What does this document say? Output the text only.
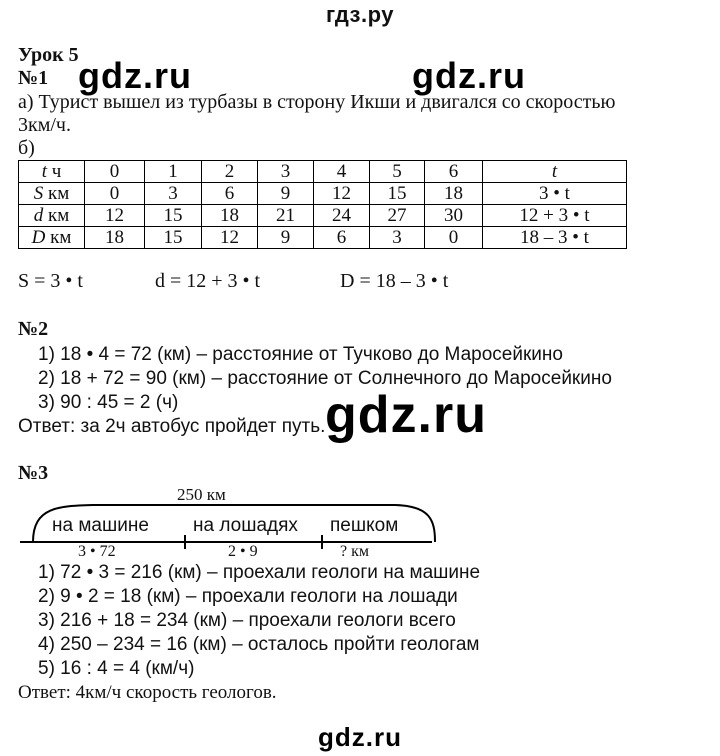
гдз.ру
gdz.ru	gdz.ru
gdz.ru
Урок 5
№1
а) Турист вышел из турбазы в сторону Икши и двигался со скоростью
3км/ч.
б)
t ч	0	1	2	3	4	5	6	t
S км	0	3	6	9	12	15	18	3 • t
d км	12	15	18	21	24	27	30	12 + 3 • t
D км	18	15	12	9	6	3	0	18 – 3 • t
S = 3 • t	d = 12 + 3 • t	D = 18 – 3 • t
№2
1) 18 • 4 = 72 (км) – расстояние от Тучково до Маросейкино
2) 18 + 72 = 90 (км) – расстояние от Солнечного до Маросейкино
3) 90 : 45 = 2 (ч)
Ответ: за 2ч автобус пройдет путь.
№3
250 км
на машине на лошадях пешком
3 • 72	2 • 9	? км
1) 72 • 3 = 216 (км) – проехали геологи на машине
2) 9 • 2 = 18 (км) – проехали геологи на лошади
3) 216 + 18 = 234 (км) – проехали геологи всего
4) 250 – 234 = 16 (км) – осталось пройти геологам
5) 16 : 4 = 4 (км/ч)
Ответ: 4км/ч скорость геологов.
gdz.ru
